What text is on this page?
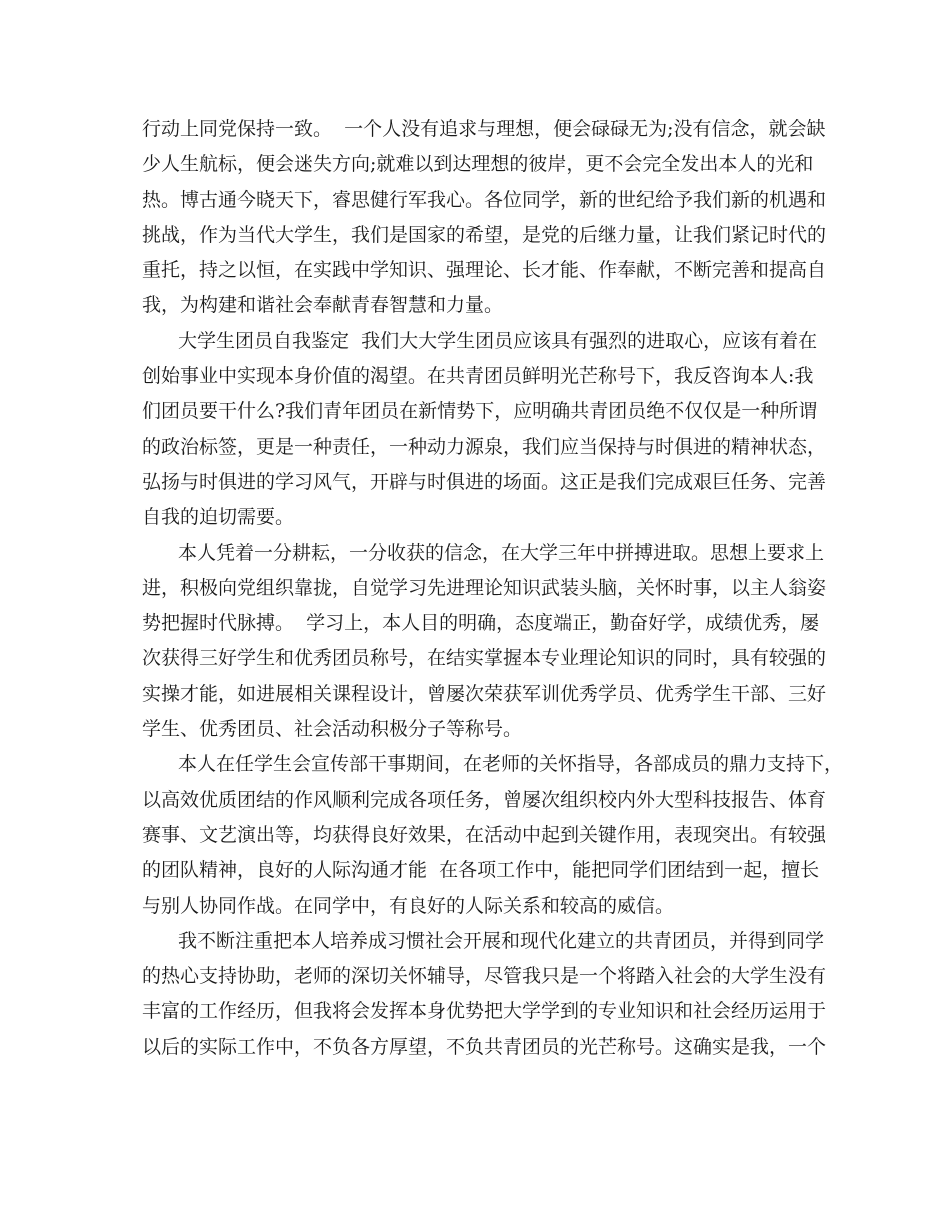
行动上同党保持一致。  一个人没有追求与理想，便会碌碌无为;没有信念，就会缺
少人生航标，便会迷失方向;就难以到达理想的彼岸，更不会完全发出本人的光和
热。博古通今晓天下，睿思健行军我心。各位同学，新的世纪给予我们新的机遇和
挑战，作为当代大学生，我们是国家的希望，是党的后继力量，让我们紧记时代的
重托，持之以恒，在实践中学知识、强理论、长才能、作奉献，不断完善和提高自
我，为构建和谐社会奉献青春智慧和力量。
大学生团员自我鉴定  我们大大学生团员应该具有强烈的进取心，应该有着在
创始事业中实现本身价值的渴望。在共青团员鲜明光芒称号下，我反咨询本人:我
们团员要干什么?我们青年团员在新情势下，应明确共青团员绝不仅仅是一种所谓
的政治标签，更是一种责任，一种动力源泉，我们应当保持与时俱进的精神状态，
弘扬与时俱进的学习风气，开辟与时俱进的场面。这正是我们完成艰巨任务、完善
自我的迫切需要。
本人凭着一分耕耘，一分收获的信念，在大学三年中拼搏进取。思想上要求上
进，积极向党组织靠拢，自觉学习先进理论知识武装头脑，关怀时事，以主人翁姿
势把握时代脉搏。  学习上，本人目的明确，态度端正，勤奋好学，成绩优秀，屡
次获得三好学生和优秀团员称号，在结实掌握本专业理论知识的同时，具有较强的
实操才能，如进展相关课程设计，曾屡次荣获军训优秀学员、优秀学生干部、三好
学生、优秀团员、社会活动积极分子等称号。
本人在任学生会宣传部干事期间，在老师的关怀指导，各部成员的鼎力支持下，
以高效优质团结的作风顺利完成各项任务，曾屡次组织校内外大型科技报告、体育
赛事、文艺演出等，均获得良好效果，在活动中起到关键作用，表现突出。有较强
的团队精神，良好的人际沟通才能  在各项工作中，能把同学们团结到一起，擅长
与别人协同作战。在同学中，有良好的人际关系和较高的威信。
我不断注重把本人培养成习惯社会开展和现代化建立的共青团员，并得到同学
的热心支持协助，老师的深切关怀辅导，尽管我只是一个将踏入社会的大学生没有
丰富的工作经历，但我将会发挥本身优势把大学学到的专业知识和社会经历运用于
以后的实际工作中，不负各方厚望，不负共青团员的光芒称号。这确实是我，一个
